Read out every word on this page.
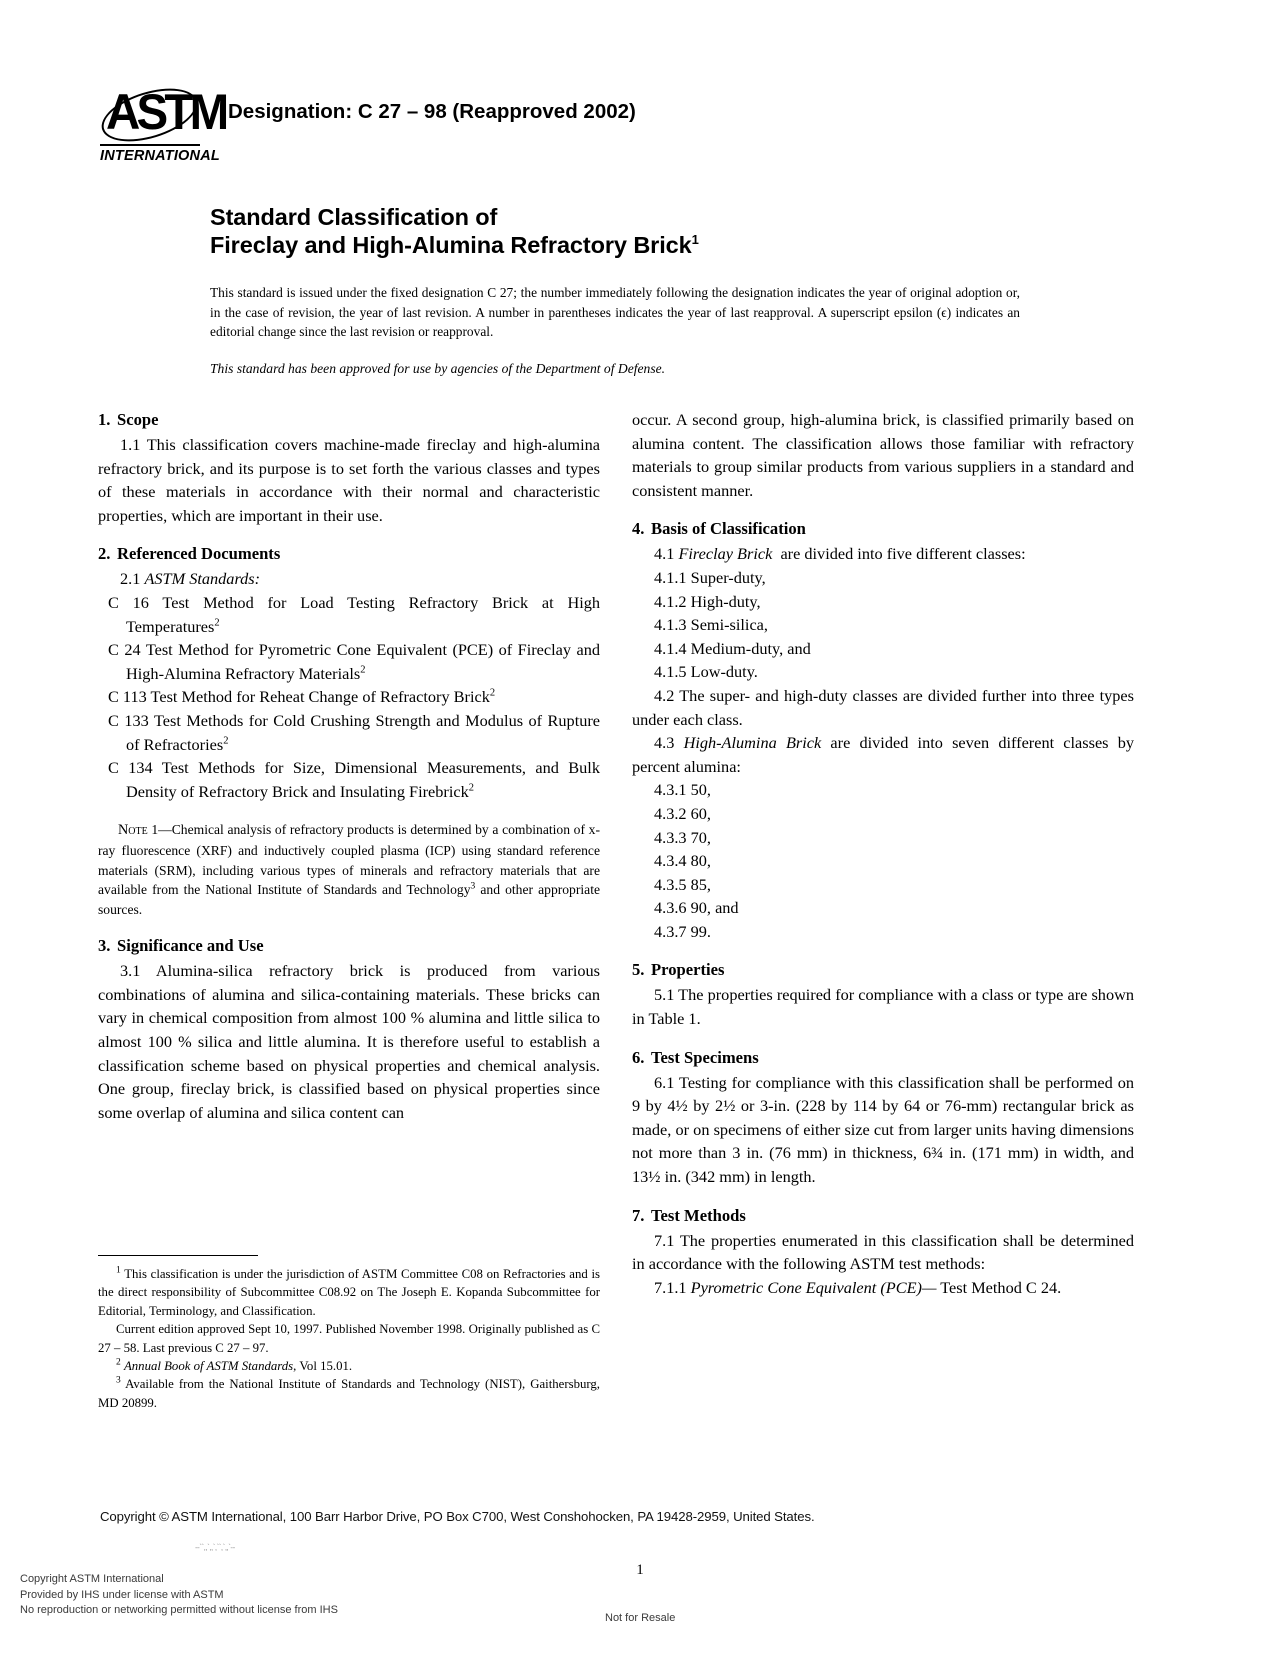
ASTM
INTERNATIONAL
Designation: C 27 – 98 (Reapproved 2002)
Standard Classification of
Fireclay and High-Alumina Refractory Brick$^1$
This standard is issued under the fixed designation C 27; the number immediately following the designation indicates the year of original adoption or, in the case of revision, the year of last revision. A number in parentheses indicates the year of last reapproval. A superscript epsilon (ϵ) indicates an editorial change since the last revision or reapproval.
This standard has been approved for use by agencies of the Department of Defense.
1. Scope

1.1 This classification covers machine-made fireclay and high-alumina refractory brick, and its purpose is to set forth the various classes and types of these materials in accordance with their normal and characteristic properties, which are important in their use.

2. Referenced Documents

2.1 ASTM Standards:

C 16 Test Method for Load Testing Refractory Brick at High Temperatures$^2$

C 24 Test Method for Pyrometric Cone Equivalent (PCE) of Fireclay and High-Alumina Refractory Materials$^2$

C 113 Test Method for Reheat Change of Refractory Brick$^2$

C 133 Test Methods for Cold Crushing Strength and Modulus of Rupture of Refractories$^2$

C 134 Test Methods for Size, Dimensional Measurements, and Bulk Density of Refractory Brick and Insulating Firebrick$^2$

Note 1—Chemical analysis of refractory products is determined by a combination of x-ray fluorescence (XRF) and inductively coupled plasma (ICP) using standard reference materials (SRM), including various types of minerals and refractory materials that are available from the National Institute of Standards and Technology$^3$ and other appropriate sources.

3. Significance and Use

3.1 Alumina-silica refractory brick is produced from various combinations of alumina and silica-containing materials. These bricks can vary in chemical composition from almost 100 % alumina and little silica to almost 100 % silica and little alumina. It is therefore useful to establish a classification scheme based on physical properties and chemical analysis. One group, fireclay brick, is classified based on physical properties since some overlap of alumina and silica content can

occur. A second group, high-alumina brick, is classified primarily based on alumina content. The classification allows those familiar with refractory materials to group similar products from various suppliers in a standard and consistent manner.

4. Basis of Classification

4.1 Fireclay Brick are divided into five different classes:

4.1.1 Super-duty,

4.1.2 High-duty,

4.1.3 Semi-silica,

4.1.4 Medium-duty, and

4.1.5 Low-duty.

4.2 The super- and high-duty classes are divided further into three types under each class.

4.3 High-Alumina Brick are divided into seven different classes by percent alumina:

4.3.1 50,

4.3.2 60,

4.3.3 70,

4.3.4 80,

4.3.5 85,

4.3.6 90, and

4.3.7 99.

5. Properties

5.1 The properties required for compliance with a class or type are shown in Table 1.

6. Test Specimens

6.1 Testing for compliance with this classification shall be performed on 9 by 4½ by 2½ or 3-in. (228 by 114 by 64 or 76-mm) rectangular brick as made, or on specimens of either size cut from larger units having dimensions not more than 3 in. (76 mm) in thickness, 6¾ in. (171 mm) in width, and 13½ in. (342 mm) in length.

7. Test Methods

7.1 The properties enumerated in this classification shall be determined in accordance with the following ASTM test methods:

7.1.1 Pyrometric Cone Equivalent (PCE)— Test Method C 24.

$^1$ This classification is under the jurisdiction of ASTM Committee C08 on Refractories and is the direct responsibility of Subcommittee C08.92 on The Joseph E. Kopanda Subcommittee for Editorial, Terminology, and Classification.

Current edition approved Sept 10, 1997. Published November 1998. Originally published as C 27 – 58. Last previous C 27 – 97.

$^2$ Annual Book of ASTM Standards, Vol 15.01.

$^3$ Available from the National Institute of Standards and Technology (NIST), Gaithersburg, MD 20899.

Copyright © ASTM International, 100 Barr Harbor Drive, PO Box C700, West Conshohocken, PA 19428-2959, United States.
1
--``,,`,,`,``,`,,`--
Copyright ASTM International
Provided by IHS under license with ASTM
No reproduction or networking permitted without license from IHS
Not for Resale
